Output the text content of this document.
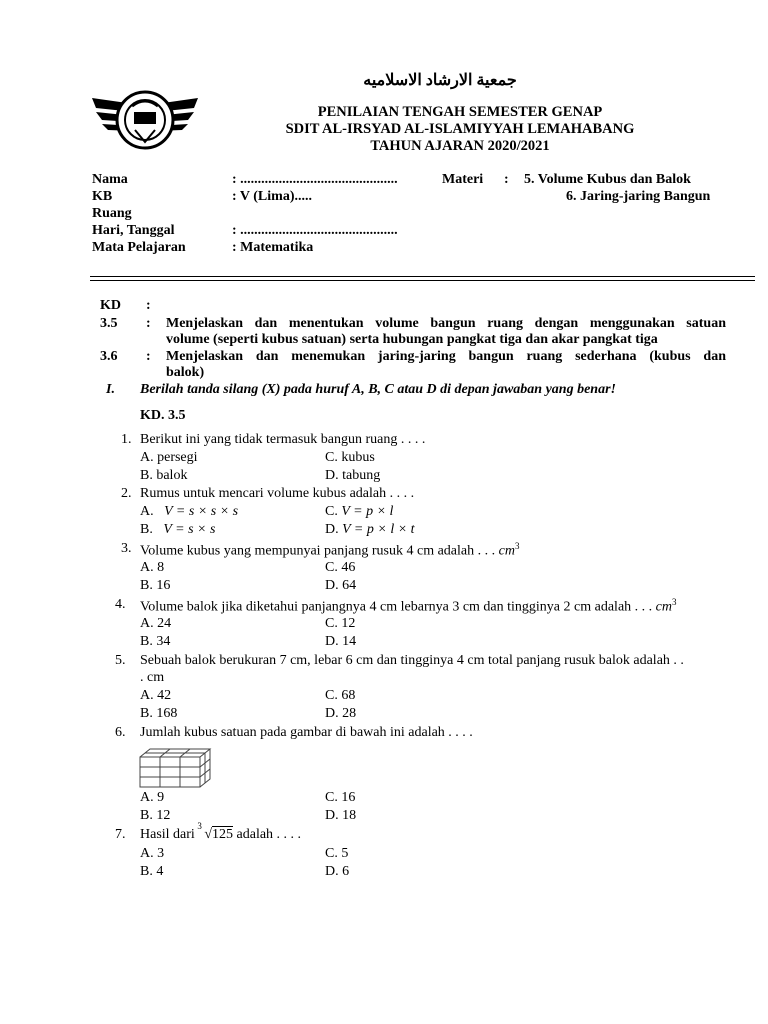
جمعية الارشاد الاسلاميه
PENILAIAN TENGAH SEMESTER GENAP
SDIT AL-IRSYAD AL-ISLAMIYYAH LEMAHABANG
TAHUN AJARAN 2020/2021
Nama	: .............................................
KB	: V (Lima).....
Ruang
Hari, Tanggal	: .............................................
Mata Pelajaran	: Matematika
Materi : 5. Volume Kubus dan Balok
6. Jaring-jaring Bangun
KD :
3.5 : Menjelaskan dan menentukan volume bangun ruang dengan menggunakan satuan
volume (seperti kubus satuan) serta hubungan pangkat tiga dan akar pangkat tiga
3.6 : Menjelaskan dan menemukan jaring-jaring bangun ruang sederhana (kubus dan
balok)
I. Berilah tanda silang (X) pada huruf A, B, C atau D di depan jawaban yang benar!
KD. 3.5
1. Berikut ini yang tidak termasuk bangun ruang . . . .
A. persegi	C. kubus
B. balok	D. tabung
2. Rumus untuk mencari volume kubus adalah . . . .
A. V = s × s × s	C. V = p × l
B. V = s × s	D. V = p × l × t
3. Volume kubus yang mempunyai panjang rusuk 4 cm adalah . . . $cm^3$
A. 8	C. 46
B. 16	D. 64
4. Volume balok jika diketahui panjangnya 4 cm lebarnya 3 cm dan tingginya 2 cm adalah . . . $cm^3$
A. 24	C. 12
B. 34	D. 14
5. Sebuah balok berukuran 7 cm, lebar 6 cm dan tingginya 4 cm total panjang rusuk balok adalah . .
. cm
A. 42	C. 68
B. 168	D. 28
6. Jumlah kubus satuan pada gambar di bawah ini adalah . . . .
A. 9	C. 16
B. 12	D. 18
7. Hasil dari
3
√125 adalah . . . .
A. 3	C. 5
B. 4	D. 6
